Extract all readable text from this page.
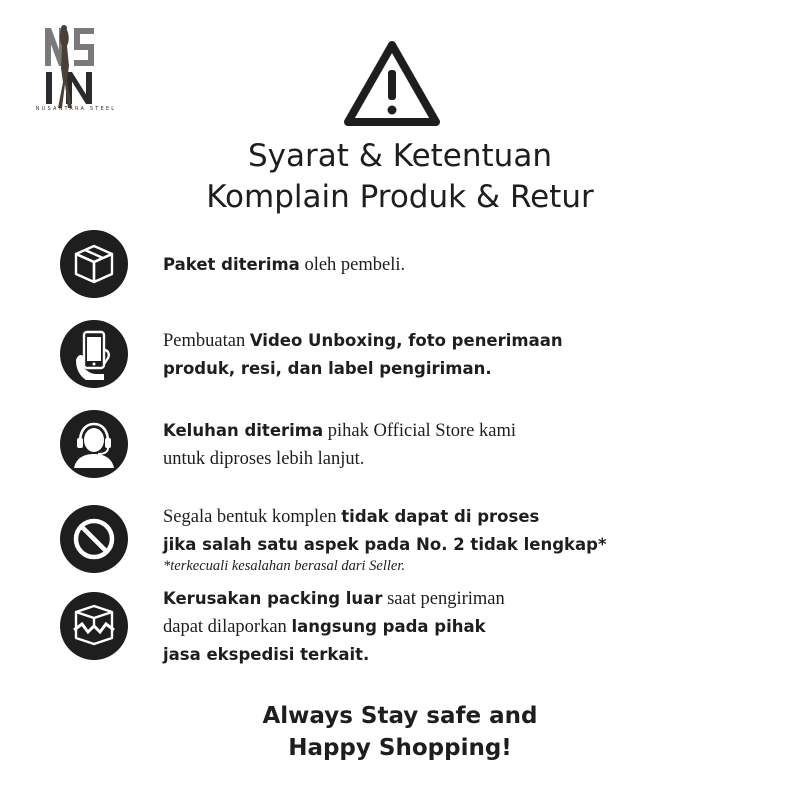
NUSANTARA STEEL
Syarat & Ketentuan
Komplain Produk & Retur
Paket diterima oleh pembeli.
Pembuatan Video Unboxing, foto penerimaan
produk, resi, dan label pengiriman.
Keluhan diterima pihak Official Store kami
untuk diproses lebih lanjut.
Segala bentuk komplen tidak dapat di proses
jika salah satu aspek pada No. 2 tidak lengkap*
*terkecuali kesalahan berasal dari Seller.
Kerusakan packing luar saat pengiriman
dapat dilaporkan langsung pada pihak
jasa ekspedisi terkait.
Always Stay safe and
Happy Shopping!
